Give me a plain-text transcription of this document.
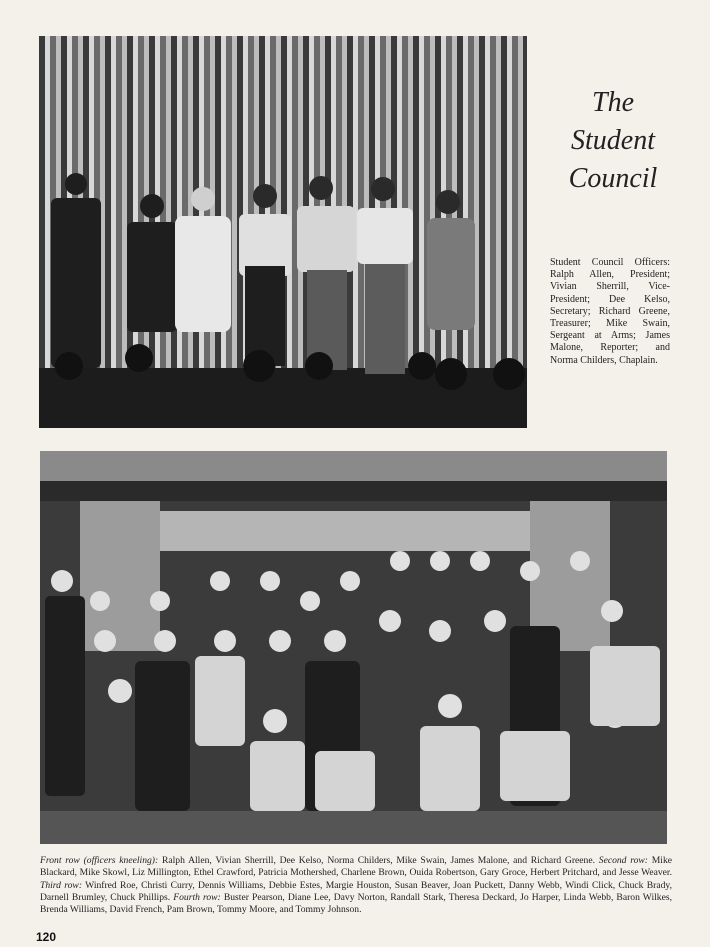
The
Student
Council
Student Council Officers: Ralph Allen, President; Vivian Sherrill, Vice-President; Dee Kelso, Secretary; Richard Greene, Treasurer; Mike Swain, Sergeant at Arms; James Malone, Reporter; and Norma Childers, Chaplain.
Front row (officers kneeling): Ralph Allen, Vivian Sherrill, Dee Kelso, Norma Childers, Mike Swain, James Malone, and Richard Greene. Second row: Mike Blackard, Mike Skowl, Liz Millington, Ethel Crawford, Patricia Mothershed, Charlene Brown, Ouida Robertson, Gary Groce, Herbert Pritchard, and Jesse Weaver. Third row: Winfred Roe, Christi Curry, Dennis Williams, Debbie Estes, Margie Houston, Susan Beaver, Joan Puckett, Danny Webb, Windi Click, Chuck Brady, Darnell Brumley, Chuck Phillips. Fourth row: Buster Pearson, Diane Lee, Davy Norton, Randall Stark, Theresa Deckard, Jo Harper, Linda Webb, Baron Wilkes, Brenda Williams, David French, Pam Brown, Tommy Moore, and Tommy Johnson.
120
